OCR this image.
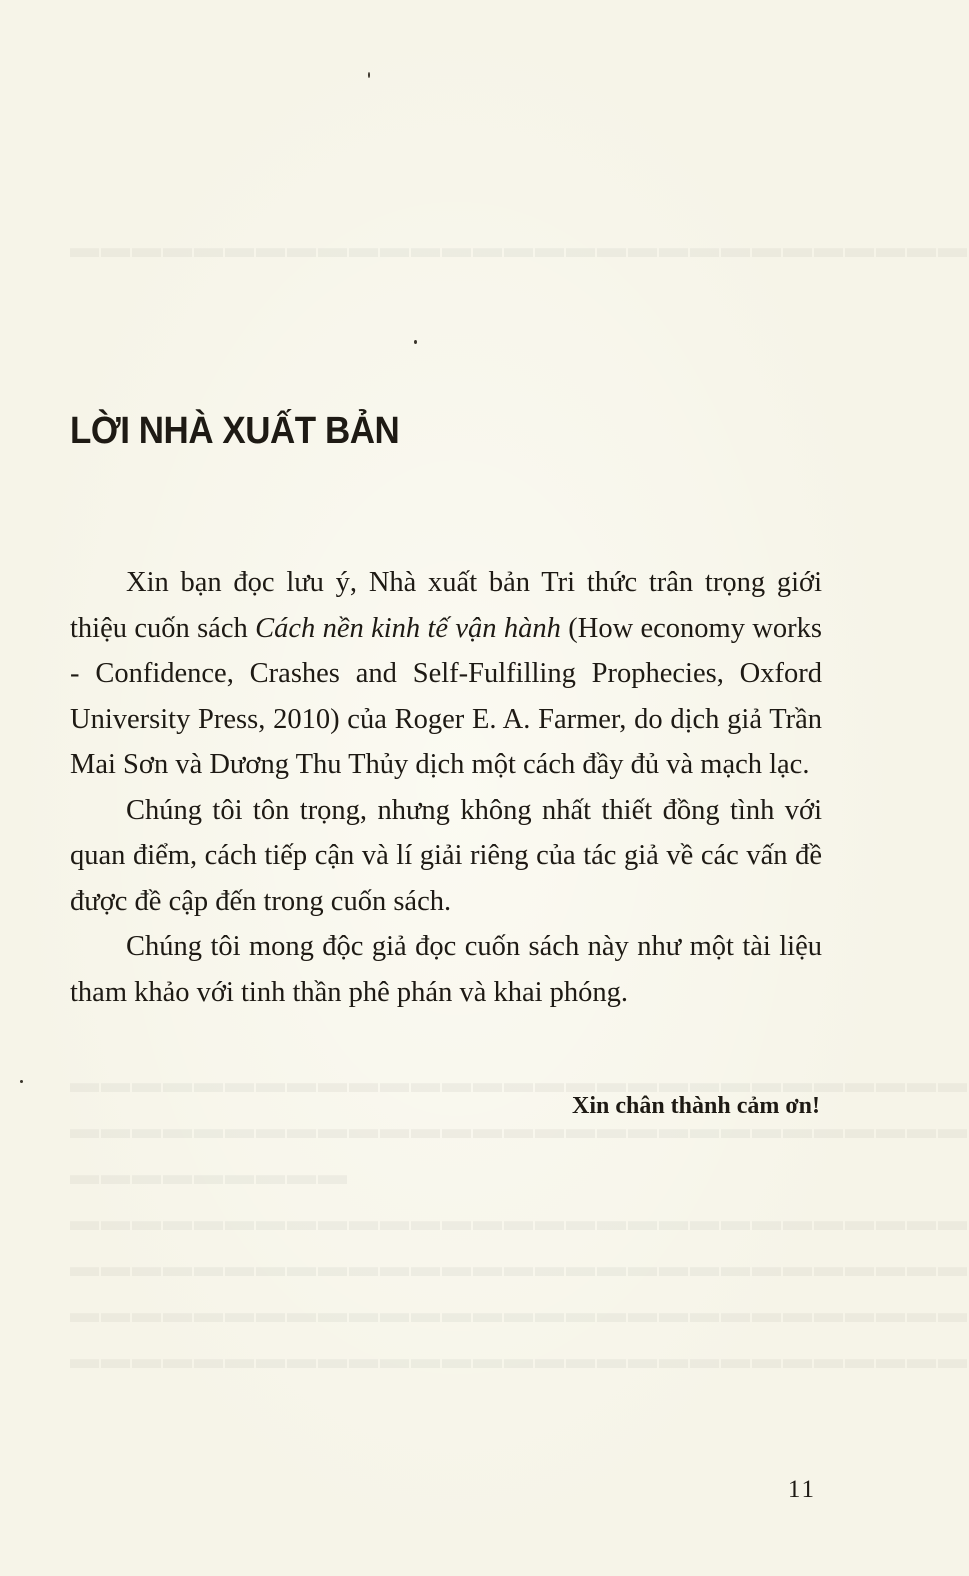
▬▬▬▬▬▬▬▬▬▬▬▬▬▬▬▬▬▬▬▬▬▬▬▬▬▬▬▬▬
▬▬▬▬▬▬▬▬▬▬▬▬▬▬▬▬▬▬▬▬▬▬▬▬▬▬▬▬▬
▬▬▬▬▬▬▬▬▬▬▬▬▬▬▬▬▬▬▬▬▬▬▬▬▬▬▬▬▬
▬▬▬▬▬▬▬▬▬
▬▬▬▬▬▬▬▬▬▬▬▬▬▬▬▬▬▬▬▬▬▬▬▬▬▬▬▬▬
▬▬▬▬▬▬▬▬▬▬▬▬▬▬▬▬▬▬▬▬▬▬▬▬▬▬▬▬▬
▬▬▬▬▬▬▬▬▬▬▬▬▬▬▬▬▬▬▬▬▬▬▬▬▬▬▬▬▬
▬▬▬▬▬▬▬▬▬▬▬▬▬▬▬▬▬▬▬▬▬▬▬▬▬▬▬▬▬
LỜI NHÀ XUẤT BẢN

Xin bạn đọc lưu ý, Nhà xuất bản Tri thức trân trọng giới thiệu cuốn sách Cách nền kinh tế vận hành (How economy works - Confidence, Crashes and Self-Fulfilling Prophecies, Oxford University Press, 2010) của Roger E. A. Farmer, do dịch giả Trần Mai Sơn và Dương Thu Thủy dịch một cách đầy đủ và mạch lạc.

Chúng tôi tôn trọng, nhưng không nhất thiết đồng tình với quan điểm, cách tiếp cận và lí giải riêng của tác giả về các vấn đề được đề cập đến trong cuốn sách.

Chúng tôi mong độc giả đọc cuốn sách này như một tài liệu tham khảo với tinh thần phê phán và khai phóng.

Xin chân thành cảm ơn!
11
